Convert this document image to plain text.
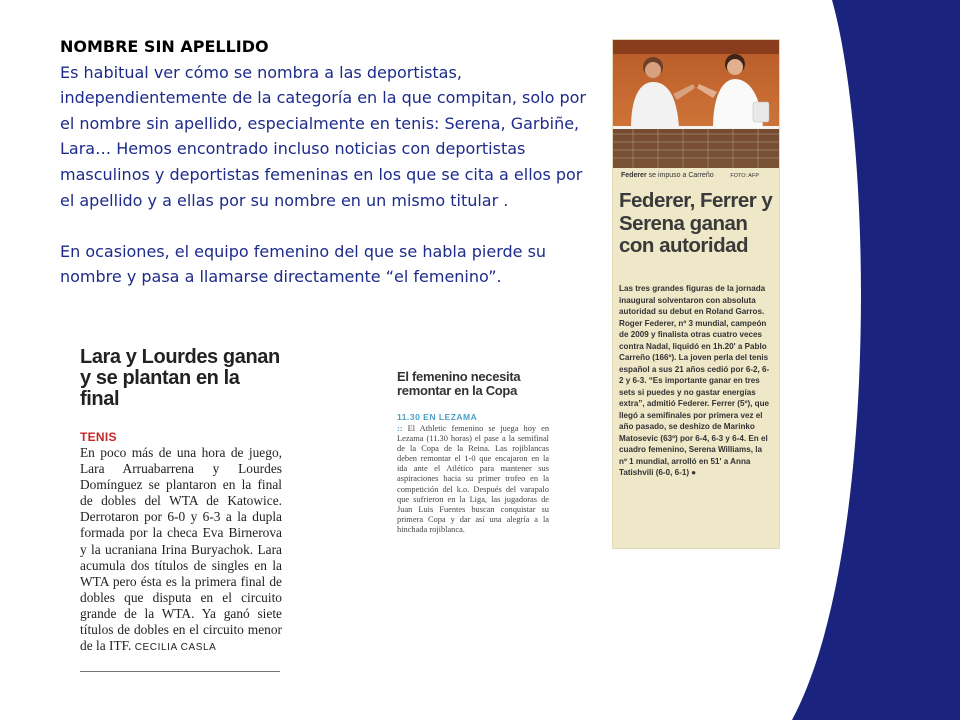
NOMBRE SIN APELLIDO

Es habitual ver cómo se nombra a las deportistas, independientemente de la categoría en la que compitan, solo por el nombre sin apellido, especialmente en tenis: Serena, Garbiñe, Lara… Hemos encontrado incluso noticias con deportistas masculinos y deportistas femeninas en los que se cita a ellos por el apellido y a ellas por su nombre en un mismo titular .

En ocasiones, el equipo femenino del que se habla pierde su nombre y pasa a llamarse directamente “el femenino”.

Lara y Lourdes ganan y se plantan en la final
TENIS
En poco más de una hora de juego, Lara Arruabarrena y Lourdes Domínguez se plantaron en la final de dobles del WTA de Katowice. Derrotaron por 6-0 y 6-3 a la dupla formada por la checa Eva Birnerova y la ucraniana Irina Buryachok. Lara acumula dos títulos de singles en la WTA pero ésta es la primera final de dobles que disputa en el circuito grande de la WTA. Ya ganó siete títulos de dobles en el circuito menor de la ITF. CECILIA CASLA
El femenino necesita remontar en la Copa
11.30 EN LEZAMA
:: El Athletic femenino se juega hoy en Lezama (11.30 horas) el pase a la semifinal de la Copa de la Reina. Las rojiblancas deben remontar el 1-0 que encajaron en la ida ante el Atlético para mantener sus aspiraciones hacia su primer trofeo en la competición del k.o. Después del varapalo que sufrieron en la Liga, las jugadoras de Juan Luis Fuentes buscan conquistar su primera Copa y dar así una alegría a la hinchada rojiblanca.
Federer se impuso a Carreño	FOTO: AFP
Federer, Ferrer y Serena ganan con autoridad
Las tres grandes figuras de la jornada inaugural solventaron con absoluta autoridad su debut en Roland Garros. Roger Federer, nº 3 mundial, campeón de 2009 y finalista otras cuatro veces contra Nadal, liquidó en 1h.20' a Pablo Carreño (166º). La joven perla del tenis español a sus 21 años cedió por 6-2, 6-2 y 6-3. “Es importante ganar en tres sets si puedes y no gastar energías extra”, admitió Federer. Ferrer (5º), que llegó a semifinales por primera vez el año pasado, se deshizo de Marinko Matosevic (63º) por 6-4, 6-3 y 6-4. En el cuadro femenino, Serena Williams, la nº 1 mundial, arrolló en 51' a Anna Tatishvili (6-0, 6-1) ●
